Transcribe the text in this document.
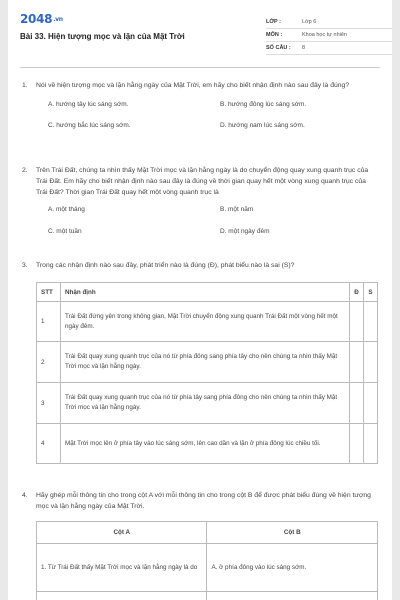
2048.vn
Bài 33. Hiện tượng mọc và lặn của Mặt Trời
LỚP :	Lớp 6
MÔN :	Khoa học tự nhiên
SỐ CÂU :	8
1. Nói về hiện tượng mọc và lặn hằng ngày của Mặt Trời, em hãy cho biết nhận định nào sau đây là đúng?
A. hướng tây lúc sáng sớm.	B. hướng đông lúc sáng sớm.
C. hướng bắc lúc sáng sớm.	D. hướng nam lúc sáng sớm.
2. Trên Trái Đất, chúng ta nhìn thấy Mặt Trời mọc và lặn hằng ngày là do chuyển động quay xung quanh trục của Trái Đất. Em hãy cho biết nhận định nào sau đây là đúng về thời gian quay hết một vòng xung quanh trục của Trái Đất? Thời gian Trái Đất quay hết một vòng quanh trục là
A. một tháng	B. một năm
C. một tuần	D. một ngày đêm
3. Trong các nhận định nào sau đây, phát triển nào là đúng (Đ), phát biểu nào là sai (S)?
STT	Nhận định	Đ	S
1	Trái Đất đứng yên trong không gian, Mặt Trời chuyển động xung quanh Trái Đất một vòng hết một ngày đêm.		
2	Trái Đất quay xung quanh trục của nó từ phía đông sang phía tây cho nên chúng ta nhìn thấy Mặt Trời mọc và lặn hằng ngày.		
3	Trái Đất quay xung quanh trục của nó từ phía tây sang phía đông cho nên chúng ta nhìn thấy Mặt Trời mọc và lặn hằng ngày.		
4	Mặt Trời mọc lên ở phía tây vào lúc sáng sớm, lên cao dần và lặn ở phía đông lúc chiều tối.		
4. Hãy ghép mỗi thông tin cho trong cột A với mỗi thông tin cho trong cột B để được phát biểu đúng về hiện tượng mọc và lặn hằng ngày của Mặt Trời.
Cột A	Cột B
1. Từ Trái Đất thấy Mặt Trời mọc và lặn hằng ngày là do	A. ở phía đông vào lúc sáng sớm.
